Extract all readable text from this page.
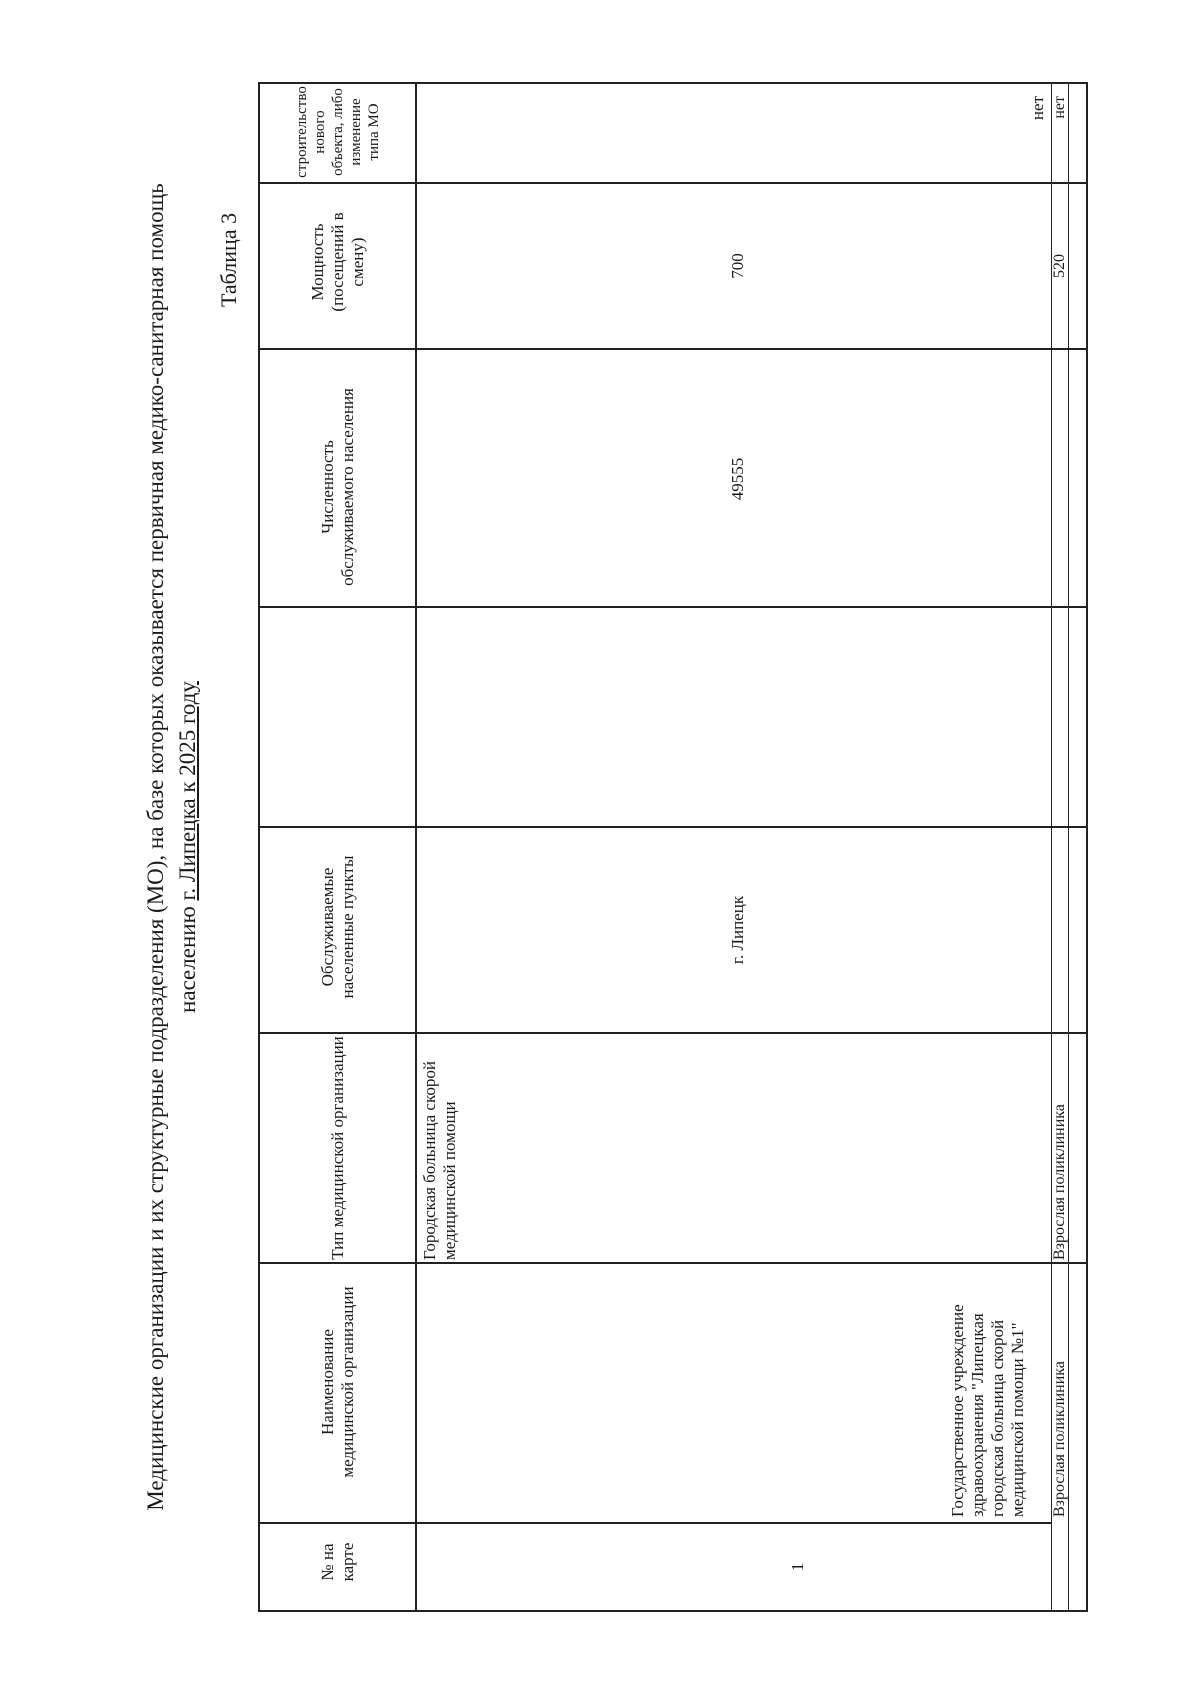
Медицинские организации и их структурные подразделения (МО), на базе которых оказывается первичная медико-санитарная помощь населению г. Липецка к 2025 году
Таблица 3
№ на карте
Наименование медицинской организации
Тип медицинской организации
Обслуживаемые населенные пункты
Численность обслуживаемого населения
Мощность (посещений в смену)
строительство нового объекта, либо изменение типа МО
1
Государственное учреждение здравоохранения "Липецкая городская больница скорой медицинской помощи №1"
Городская больница скорой медицинской помощи
г. Липецк
49555
700
нет
Взрослая поликлиника
Взрослая поликлиника
520
нет
